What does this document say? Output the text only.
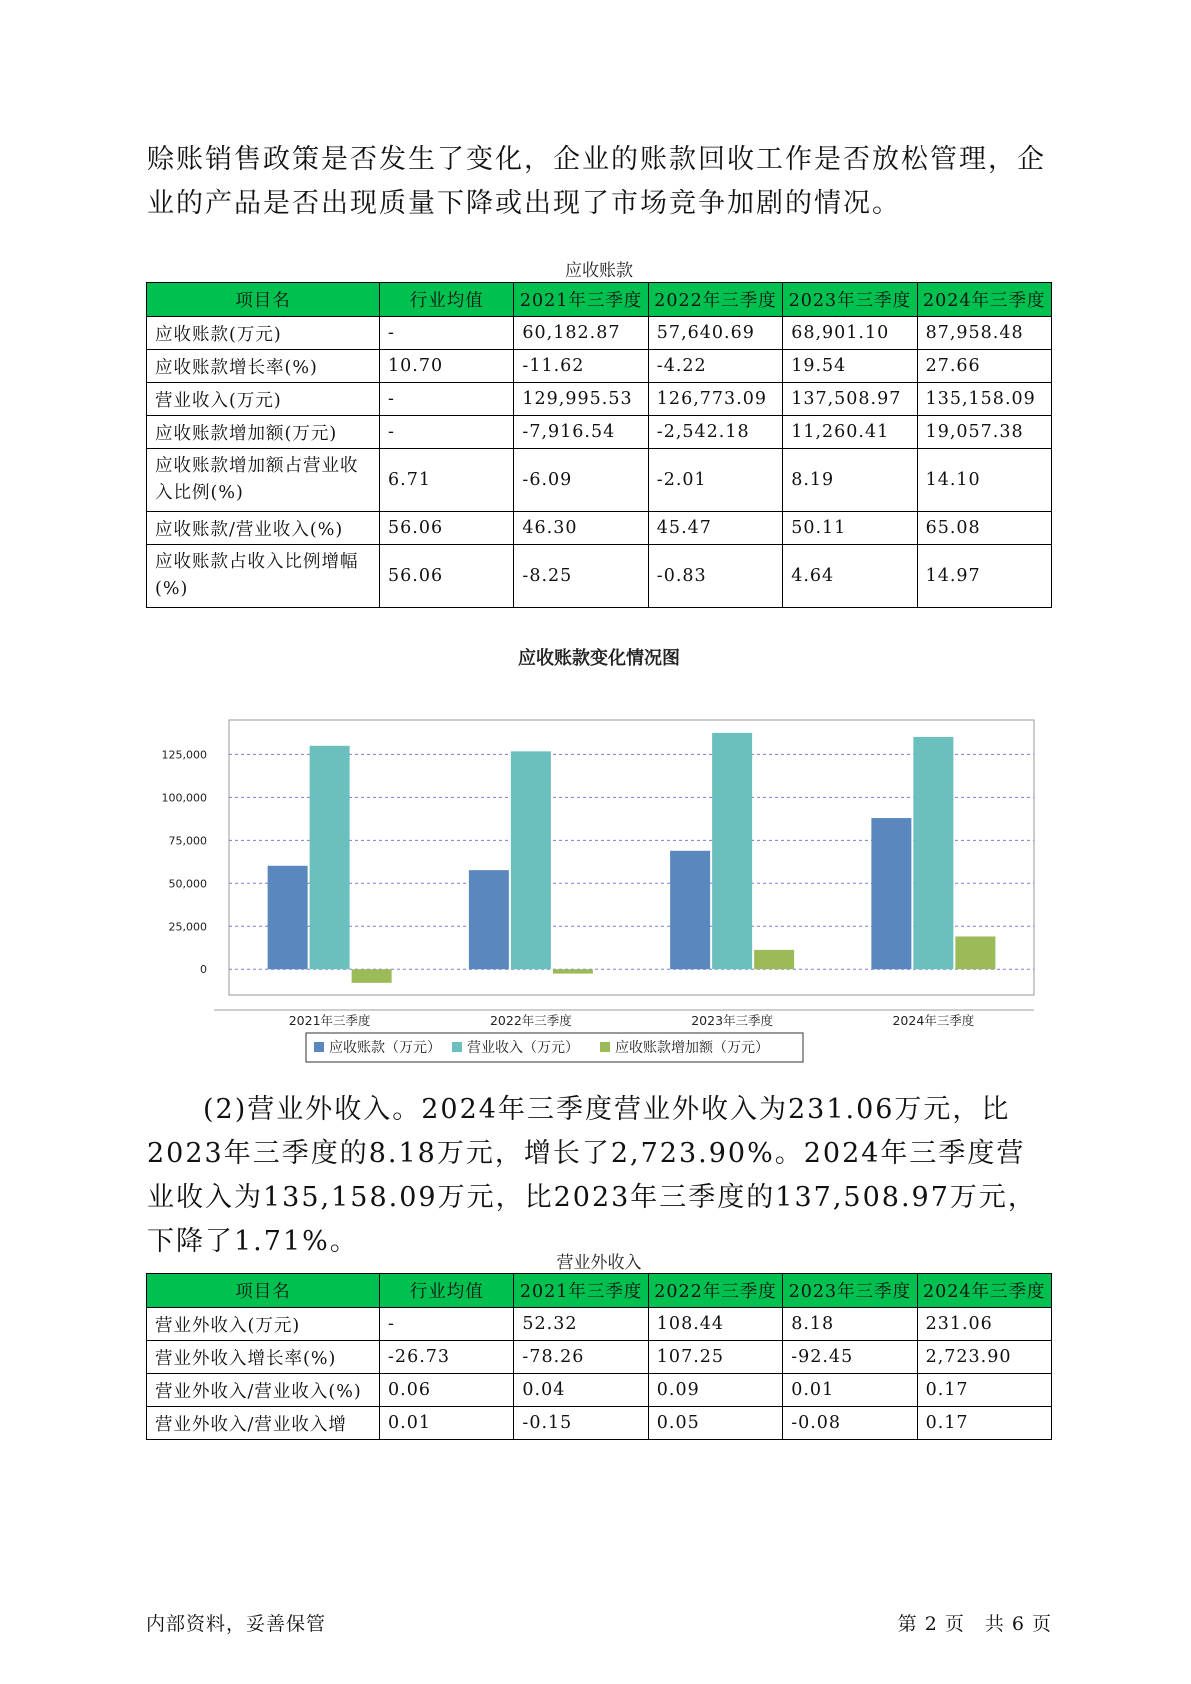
赊账销售政策是否发生了变化，企业的账款回收工作是否放松管理，企业的产品是否出现质量下降或出现了市场竞争加剧的情况。

应收账款
项目名	行业均值	2021年三季度	2022年三季度	2023年三季度	2024年三季度
应收账款(万元)	-	60,182.87	57,640.69	68,901.10	87,958.48
应收账款增长率(%)	10.70	-11.62	-4.22	19.54	27.66
营业收入(万元)	-	129,995.53	126,773.09	137,508.97	135,158.09
应收账款增加额(万元)	-	-7,916.54	-2,542.18	11,260.41	19,057.38
应收账款增加额占营业收入比例(%)	6.71	-6.09	-2.01	8.19	14.10
应收账款/营业收入(%)	56.06	46.30	45.47	50.11	65.08
应收账款占收入比例增幅(%)	56.06	-8.25	-0.83	4.64	14.97
应收账款变化情况图
0
25,000
50,000
75,000
100,000
125,000
2021年三季度	2022年三季度	2023年三季度	2024年三季度
应收账款（万元） 营业收入（万元）	应收账款增加额（万元）

(2)营业外收入。2024年三季度营业外收入为231.06万元，比2023年三季度的8.18万元，增长了2,723.90%。2024年三季度营业收入为135,158.09万元，比2023年三季度的137,508.97万元，下降了1.71%。

营业外收入
项目名	行业均值	2021年三季度	2022年三季度	2023年三季度	2024年三季度
营业外收入(万元)	-	52.32	108.44	8.18	231.06
营业外收入增长率(%)	-26.73	-78.26	107.25	-92.45	2,723.90
营业外收入/营业收入(%)	0.06	0.04	0.09	0.01	0.17
营业外收入/营业收入增	0.01	-0.15	0.05	-0.08	0.17
内部资料，妥善保管	第 2 页　共 6 页
